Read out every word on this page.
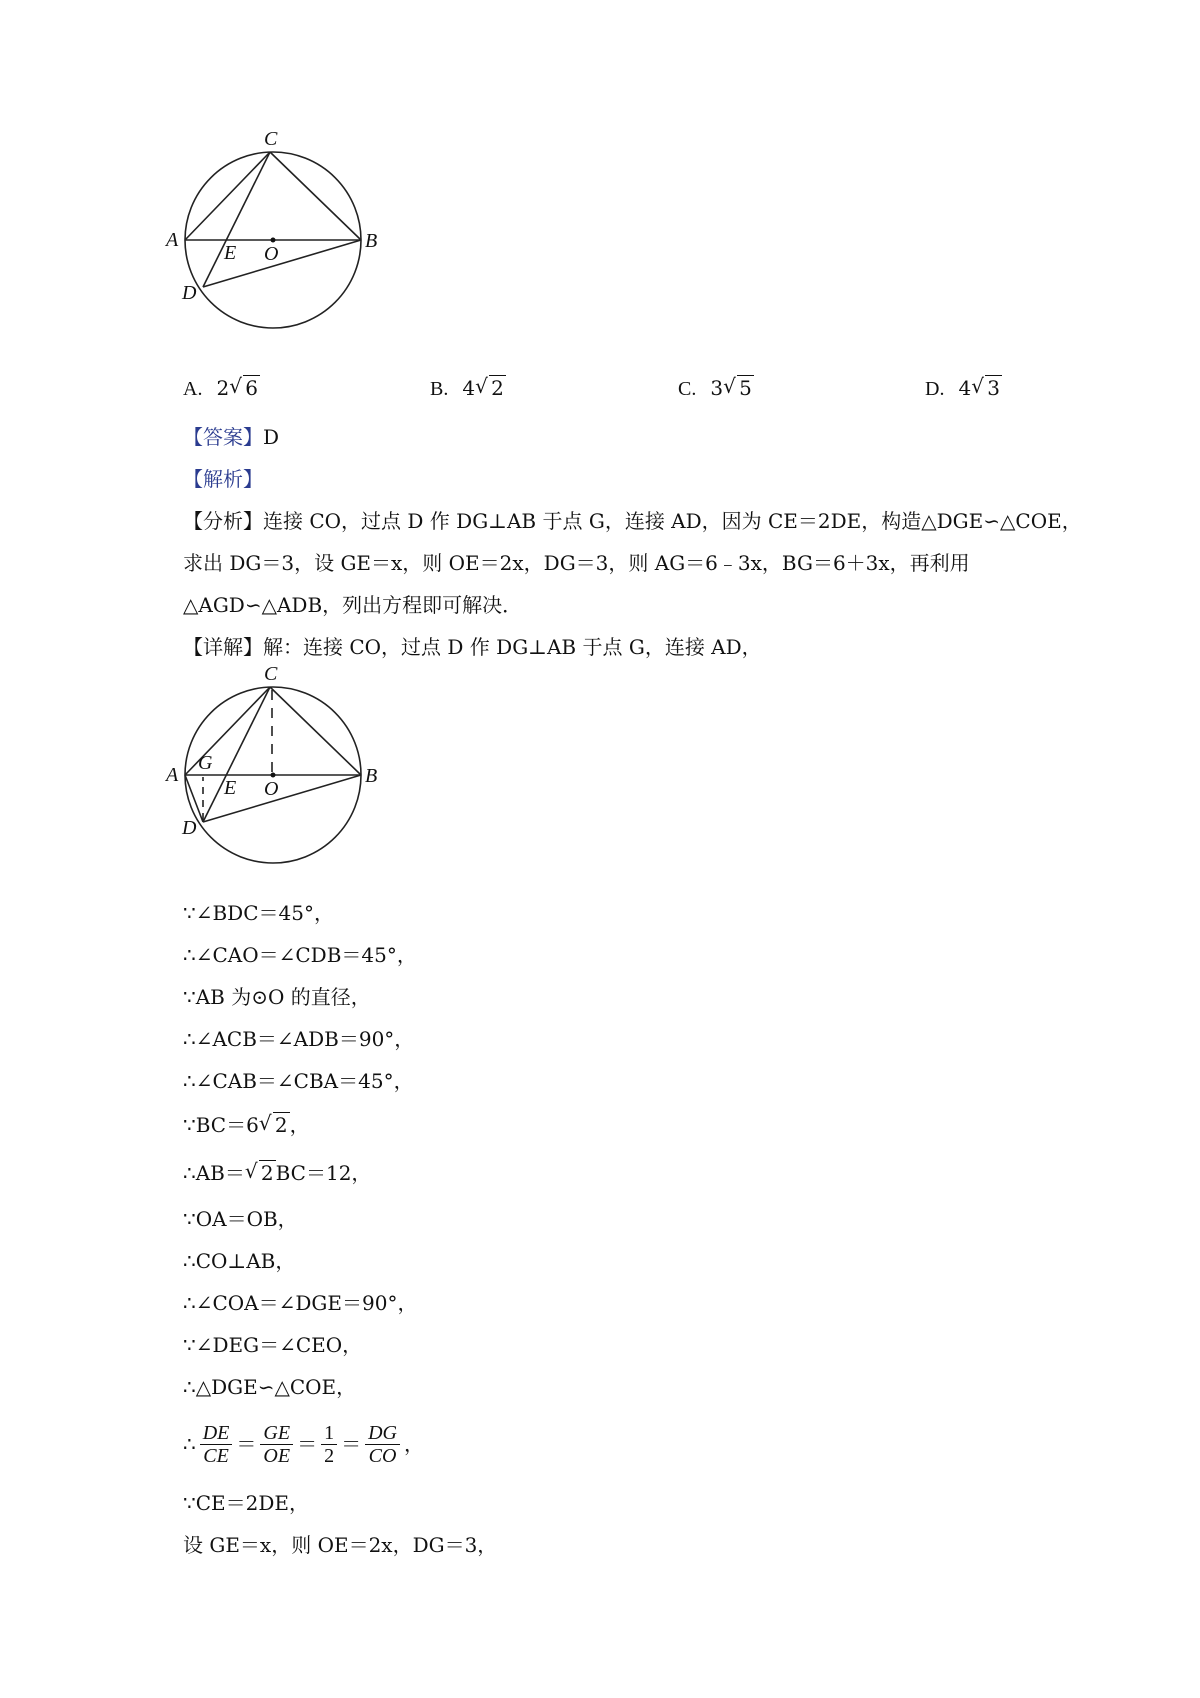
C
A	B
E O
D
A. 2 √ 6	B. 4 √ 2	C. 3 √ 5	D. 4 √ 3
【答案】D
【解析】
【分析】连接 CO，过点 D 作 DG⊥AB 于点 G，连接 AD，因为 CE＝2DE，构造△DGE∽△COE，
求出 DG＝3，设 GE＝x，则 OE＝2x，DG＝3，则 AG＝6﹣3x，BG＝6＋3x，再利用
△AGD∽△ADB，列出方程即可解决．
【详解】解：连接 CO，过点 D 作 DG⊥AB 于点 G，连接 AD，
C
A
G
B
E O
D
∵∠BDC＝45°，
∴∠CAO＝∠CDB＝45°，
∵AB 为⊙O 的直径，
∴∠ACB＝∠ADB＝90°，
∴∠CAB＝∠CBA＝45°，
∵BC＝6 √ 2 ，
∴AB＝ √ 2 BC＝12，
∵OA＝OB，
∴CO⊥AB，
∴∠COA＝∠DGE＝90°，
∵∠DEG＝∠CEO，
∴△DGE∽△COE，
∴ $\frac{DE}{CE} = \frac{GE}{OE} = \frac{1}{2} = \frac{DG}{CO}$ ，
∵CE＝2DE，
设 GE＝x，则 OE＝2x，DG＝3，
